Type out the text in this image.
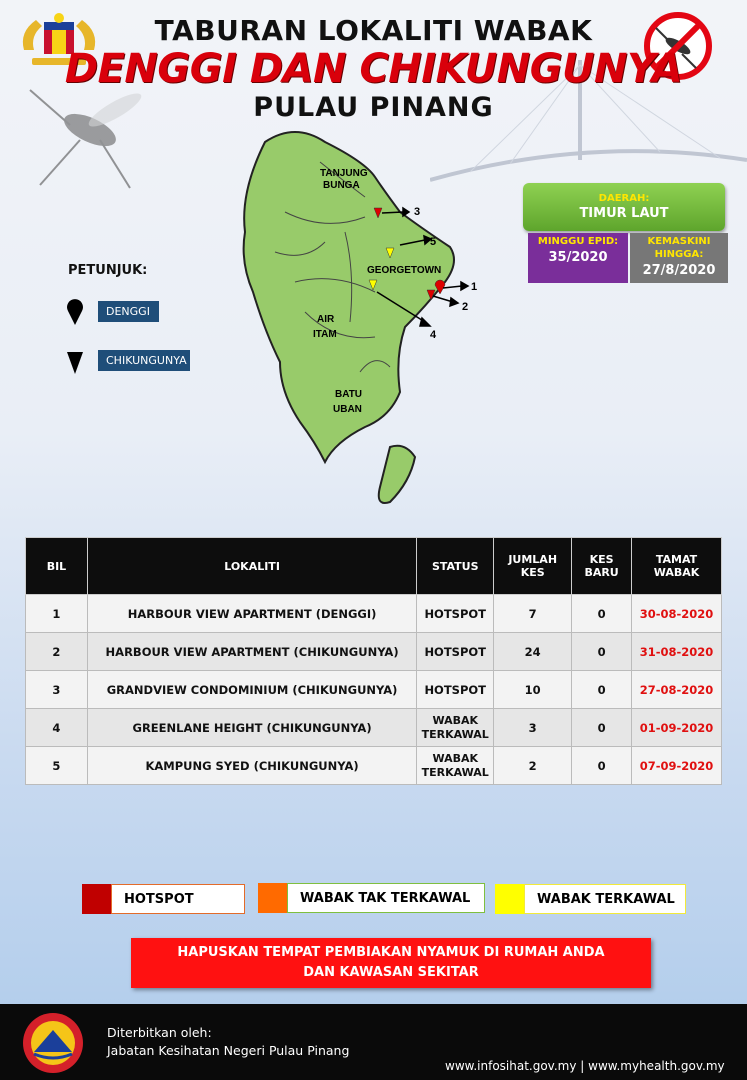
TABURAN LOKALITI WABAK
DENGGI DAN CHIKUNGUNYA
PULAU PINANG
PETUNJUK:
DENGGI
CHIKUNGUNYA
TANJUNG
BUNGA
GEORGETOWN
AIR
ITAM
BATU
UBAN
3
5
1
2
4
DAERAH:
TIMUR LAUT
MINGGU EPID:
35/2020
KEMASKINI HINGGA:
27/8/2020
BIL	LOKALITI	STATUS	JUMLAH KES	KES BARU	TAMAT WABAK
1	HARBOUR VIEW APARTMENT (DENGGI)	HOTSPOT	7	0	30-08-2020
2	HARBOUR VIEW APARTMENT (CHIKUNGUNYA)	HOTSPOT	24	0	31-08-2020
3	GRANDVIEW CONDOMINIUM (CHIKUNGUNYA)	HOTSPOT	10	0	27-08-2020
4	GREENLANE HEIGHT (CHIKUNGUNYA)	WABAK TERKAWAL	3	0	01-09-2020
5	KAMPUNG SYED (CHIKUNGUNYA)	WABAK TERKAWAL	2	0	07-09-2020
HOTSPOT	WABAK TAK TERKAWAL	WABAK TERKAWAL
HAPUSKAN TEMPAT PEMBIAKAN NYAMUK DI RUMAH ANDA
DAN KAWASAN SEKITAR
Diterbitkan oleh:
Jabatan Kesihatan Negeri Pulau Pinang
www.infosihat.gov.my | www.myhealth.gov.my
